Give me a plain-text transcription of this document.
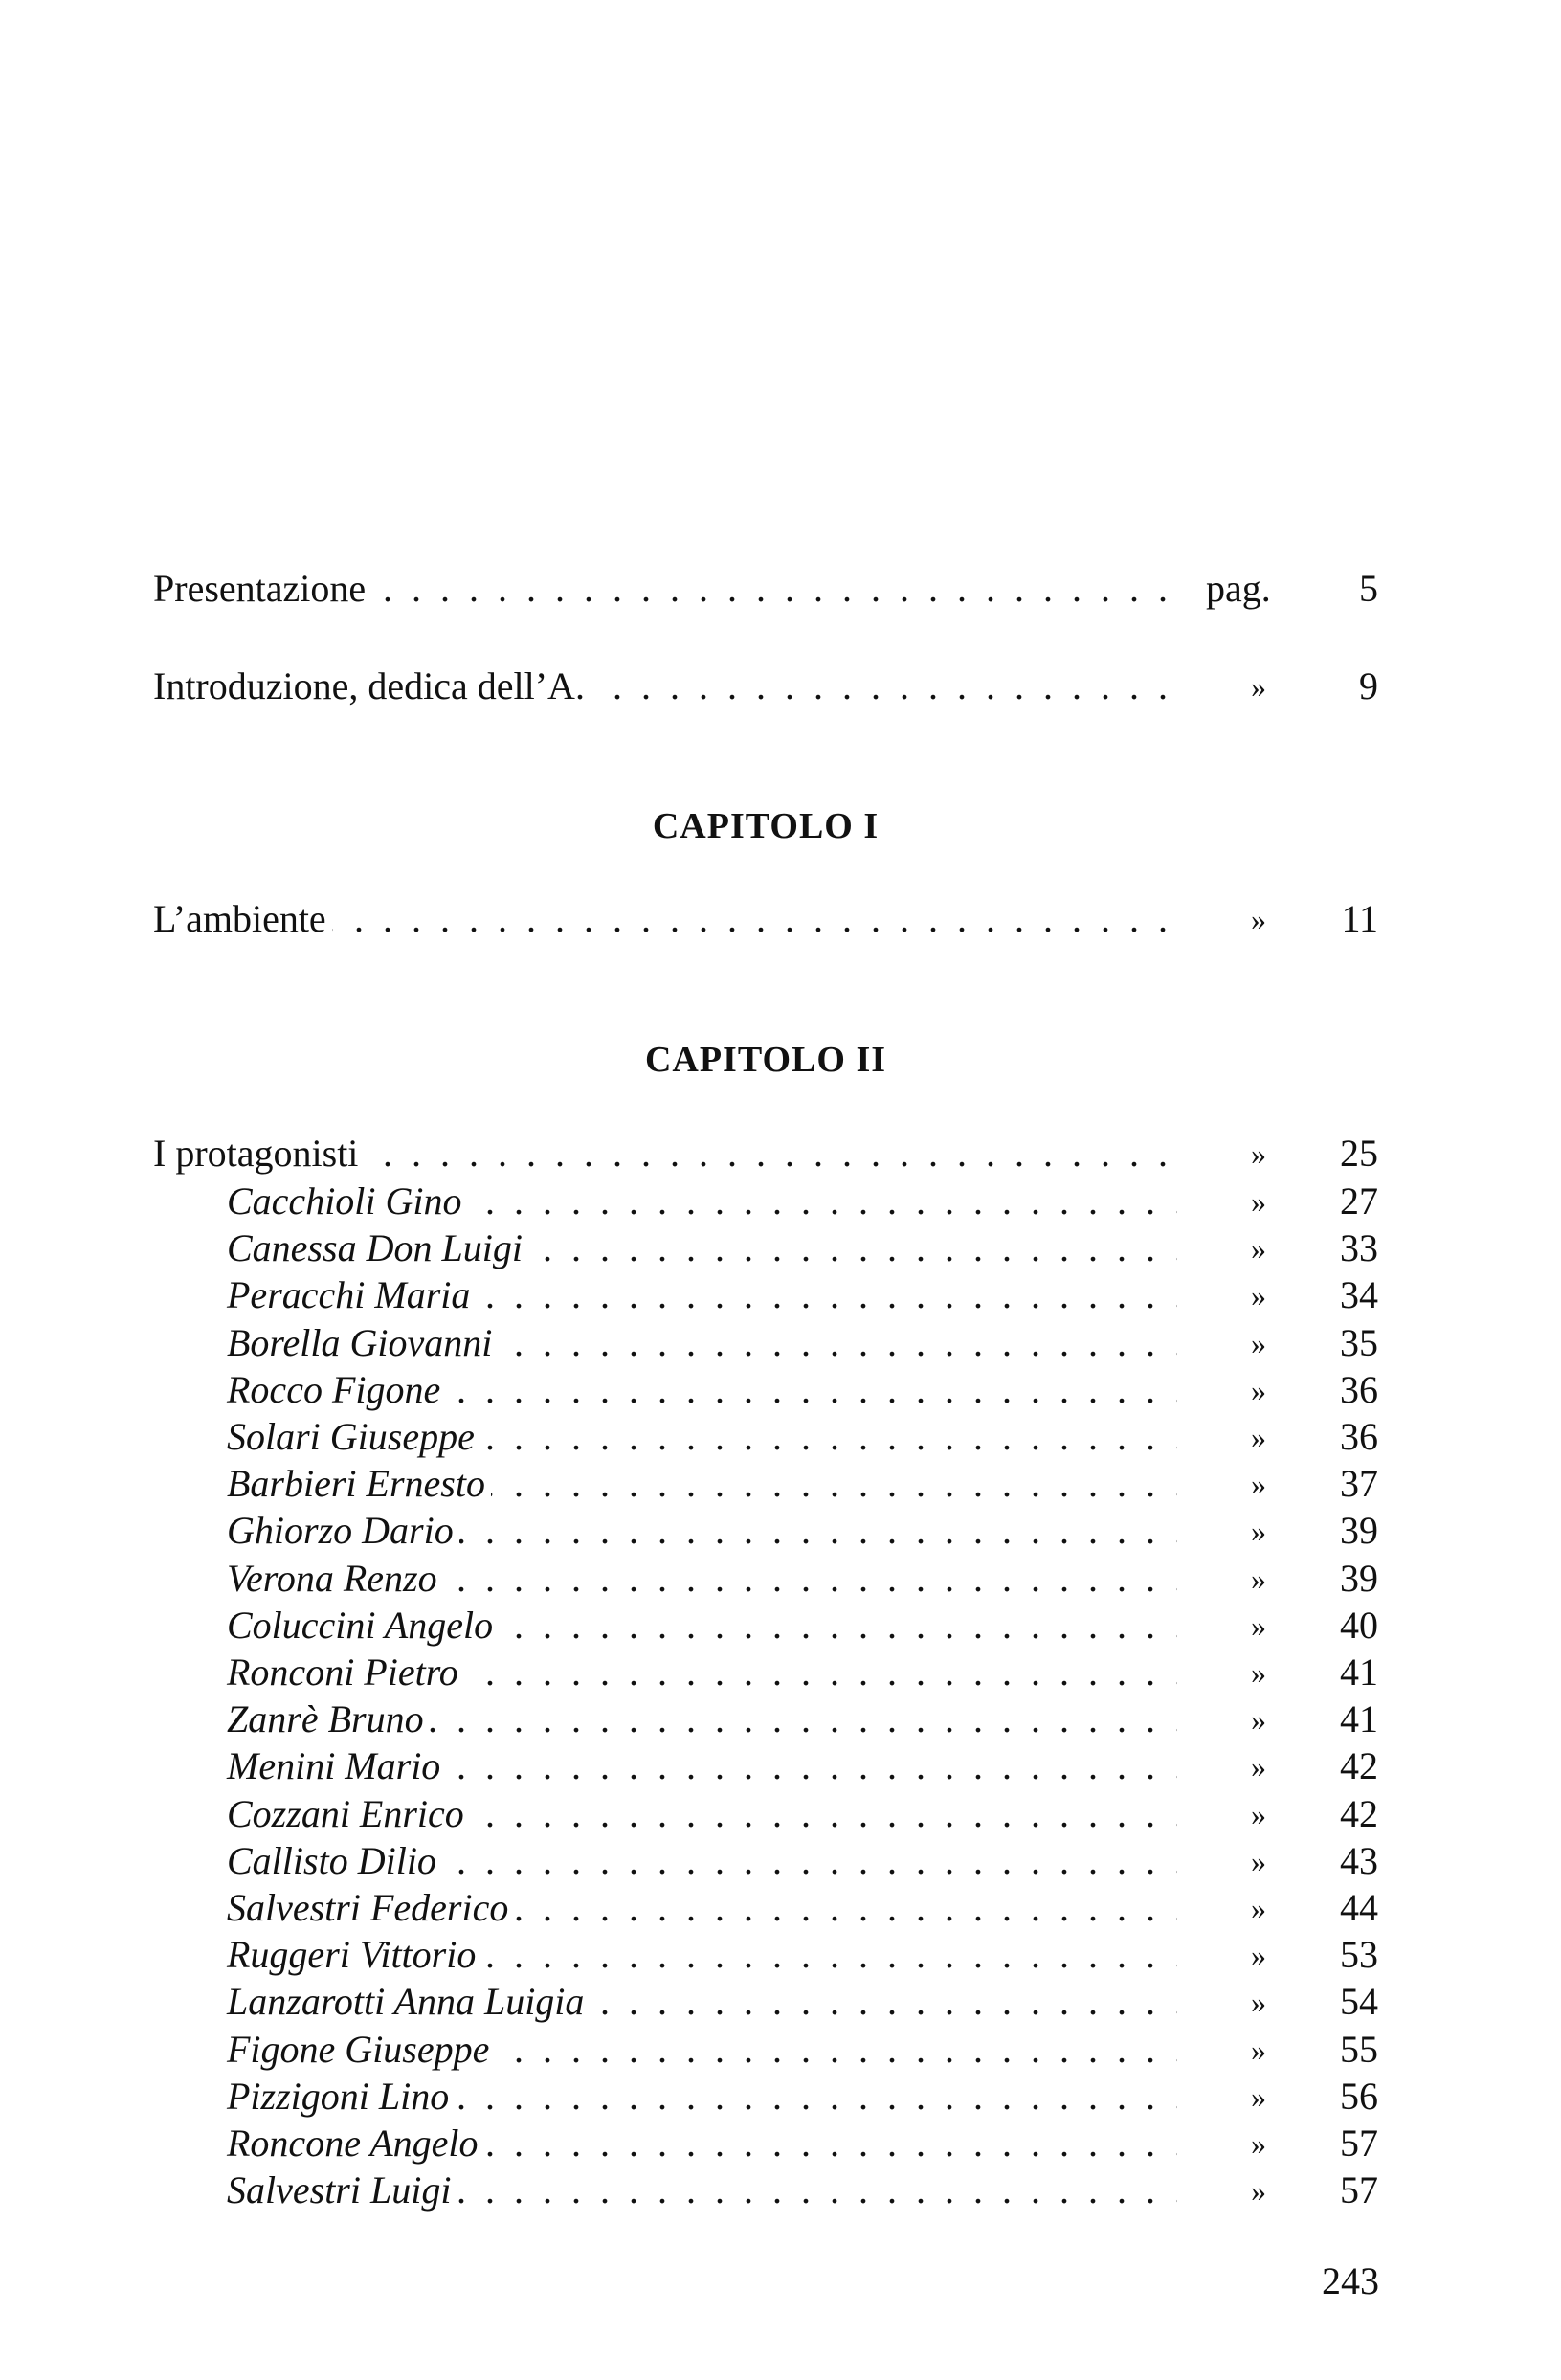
. . .
Presentazione	pag.	5
. . .
Introduzione, dedica dell’A.	»	9
CAPITOLO I
. . .
L’ambiente	»	11
CAPITOLO II
. . .
I protagonisti	»	25
. . .
Cacchioli Gino	»	27
. . .
Canessa Don Luigi	»	33
. . .
Peracchi Maria	»	34
. . .
Borella Giovanni	»	35
. . .
Rocco Figone	»	36
. . .
Solari Giuseppe	»	36
. . .
Barbieri Ernesto	»	37
. . .
Ghiorzo Dario	»	39
. . .
Verona Renzo	»	39
. . .
Coluccini Angelo	»	40
. . .
Ronconi Pietro	»	41
. . .
Zanrè Bruno	»	41
. . .
Menini Mario	»	42
. . .
Cozzani Enrico	»	42
. . .
Callisto Dilio	»	43
. . .
Salvestri Federico	»	44
. . .
Ruggeri Vittorio	»	53
. . .
Lanzarotti Anna Luigia	»	54
. . .
Figone Giuseppe	»	55
. . .
Pizzigoni Lino	»	56
. . .
Roncone Angelo	»	57
. . .
Salvestri Luigi	»	57
243
